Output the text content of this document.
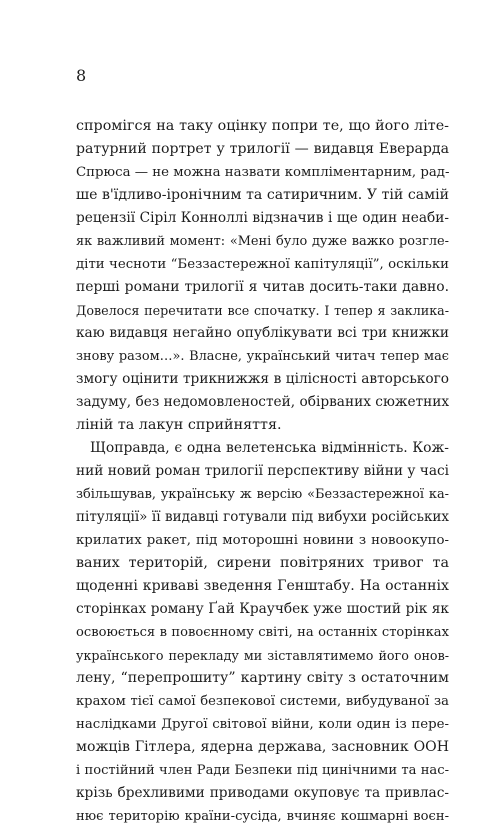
8
спромігся на таку оцінку попри те, що його літе-
ратурний портрет у трилогії — видавця Еверарда
Спрюса — не можна назвати компліментарним, рад-
ше в'їдливо-іронічним та сатиричним. У тій самій
рецензії Сіріл Конноллі відзначив і ще один неаби-
як важливий момент: «Мені було дуже важко розгле-
діти чесноти “Беззастережної капітуляції”, оскільки
перші романи трилогії я читав досить-таки давно.
Довелося перечитати все спочатку. І тепер я заклика-
каю видавця негайно опублікувати всі три книжки
знову разом…». Власне, український читач тепер має
змогу оцінити трикнижжя в цілісності авторського
задуму, без недомовленостей, обірваних сюжетних
ліній та лакун сприйняття.
Щоправда, є одна велетенська відмінність. Кож-
ний новий роман трилогії перспективу війни у часі
збільшував, українську ж версію «Беззастережної ка-
пітуляції» її видавці готували під вибухи російських
крилатих ракет, під моторошні новини з новоокупо-
ваних територій, сирени повітряних тривог та
щоденні криваві зведення Генштабу. На останніх
сторінках роману Ґай Краучбек уже шостий рік як
освоюється в повоєнному світі, на останніх сторінках
українського перекладу ми зіставлятимемо його онов-
лену, “перепрошиту” картину світу з остаточним
крахом тієї самої безпекової системи, вибудуваної за
наслідками Другої світової війни, коли один із пере-
можців Гітлера, ядерна держава, засновник ООН
і постійний член Ради Безпеки під цинічними та нас-
крізь брехливими приводами окуповує та привлас-
нює територію країни-сусіда, вчиняє кошмарні воєн-
